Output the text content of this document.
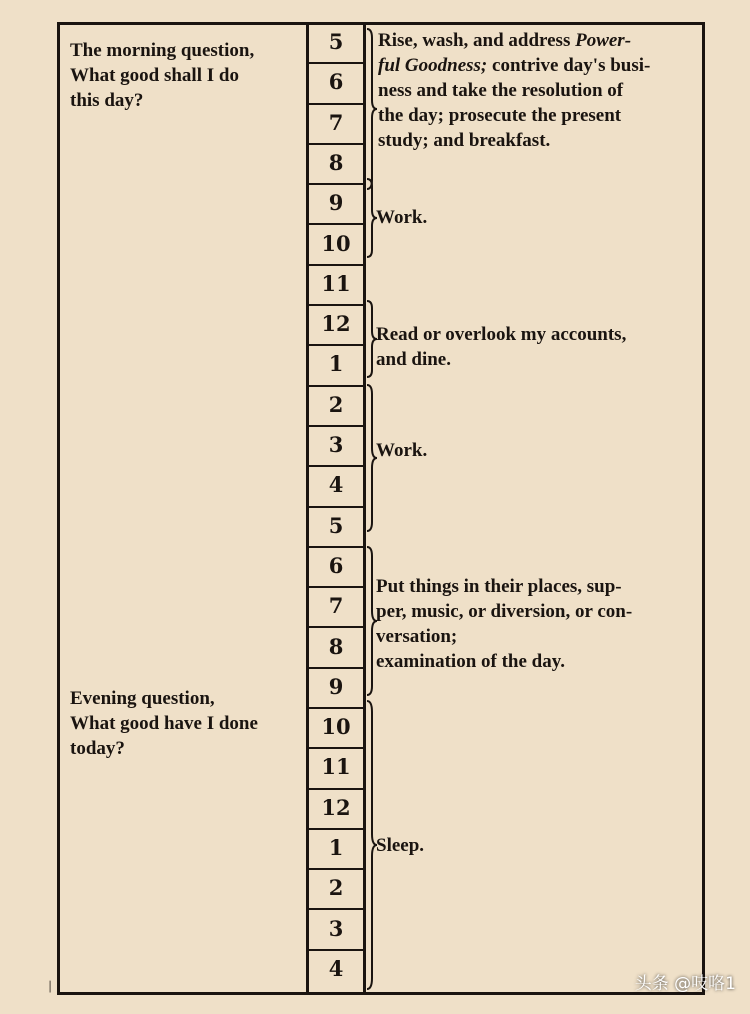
5
6
7
8
9
10
11
12
1
2
3
4
5
6
7
8
9
10
11
12
1
2
3
4
The morning question,
What good shall I do
this day?
Evening question,
What good have I done
today?
Rise, wash, and address Power-
ful Goodness; contrive day's busi-
ness and take the resolution of
the day; prosecute the present
study; and breakfast.
Work.
Read or overlook my accounts,
and dine.
Work.
Put things in their places, sup-
per, music, or diversion, or con-
versation;
examination of the day.
Sleep.
│	头条 @吱咯1
